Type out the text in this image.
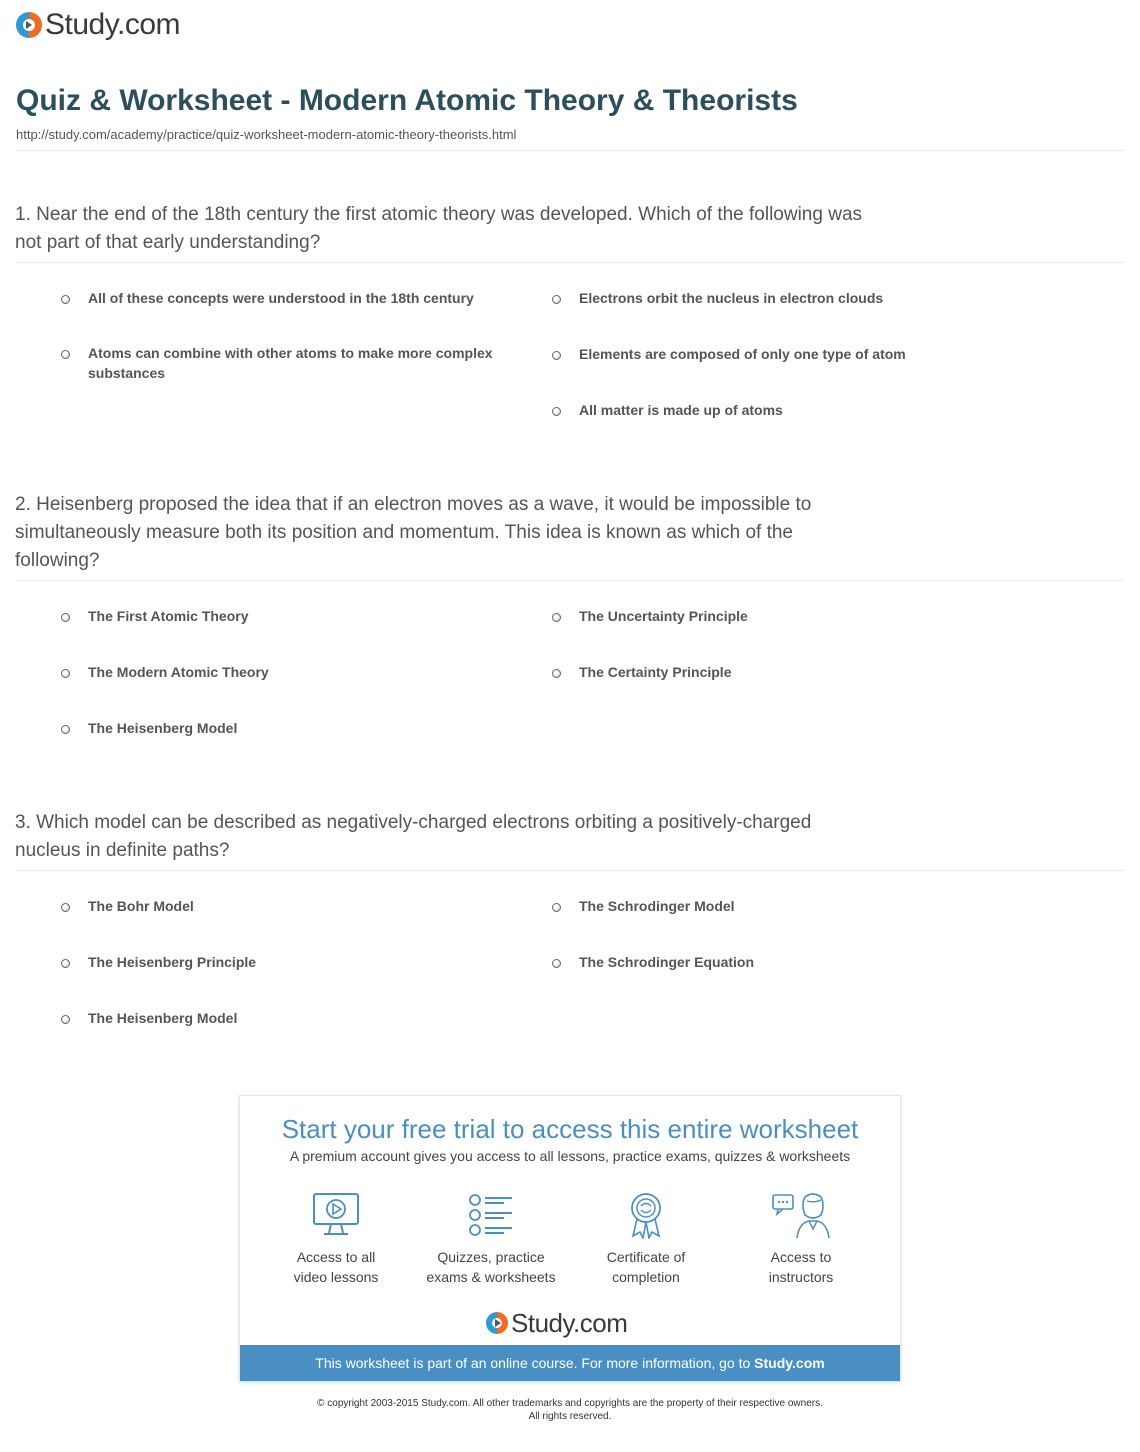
Study.com
Quiz & Worksheet - Modern Atomic Theory & Theorists
http://study.com/academy/practice/quiz-worksheet-modern-atomic-theory-theorists.html
1. Near the end of the 18th century the first atomic theory was developed. Which of the following was
not part of that early understanding?
All of these concepts were understood in the 18th century	Electrons orbit the nucleus in electron clouds
Atoms can combine with other atoms to make more complex
substances
Elements are composed of only one type of atom
All matter is made up of atoms
2. Heisenberg proposed the idea that if an electron moves as a wave, it would be impossible to
simultaneously measure both its position and momentum. This idea is known as which of the
following?
The First Atomic Theory	The Uncertainty Principle
The Modern Atomic Theory	The Certainty Principle
The Heisenberg Model
3. Which model can be described as negatively-charged electrons orbiting a positively-charged
nucleus in definite paths?
The Bohr Model	The Schrodinger Model
The Heisenberg Principle	The Schrodinger Equation
The Heisenberg Model
Start your free trial to access this entire worksheet
A premium account gives you access to all lessons, practice exams, quizzes & worksheets
Access to all
video lessons
Quizzes, practice
exams & worksheets
Certificate of
completion
Access to
instructors
Study.com
This worksheet is part of an online course. For more information, go to Study.com
© copyright 2003-2015 Study.com. All other trademarks and copyrights are the property of their respective owners.
All rights reserved.
